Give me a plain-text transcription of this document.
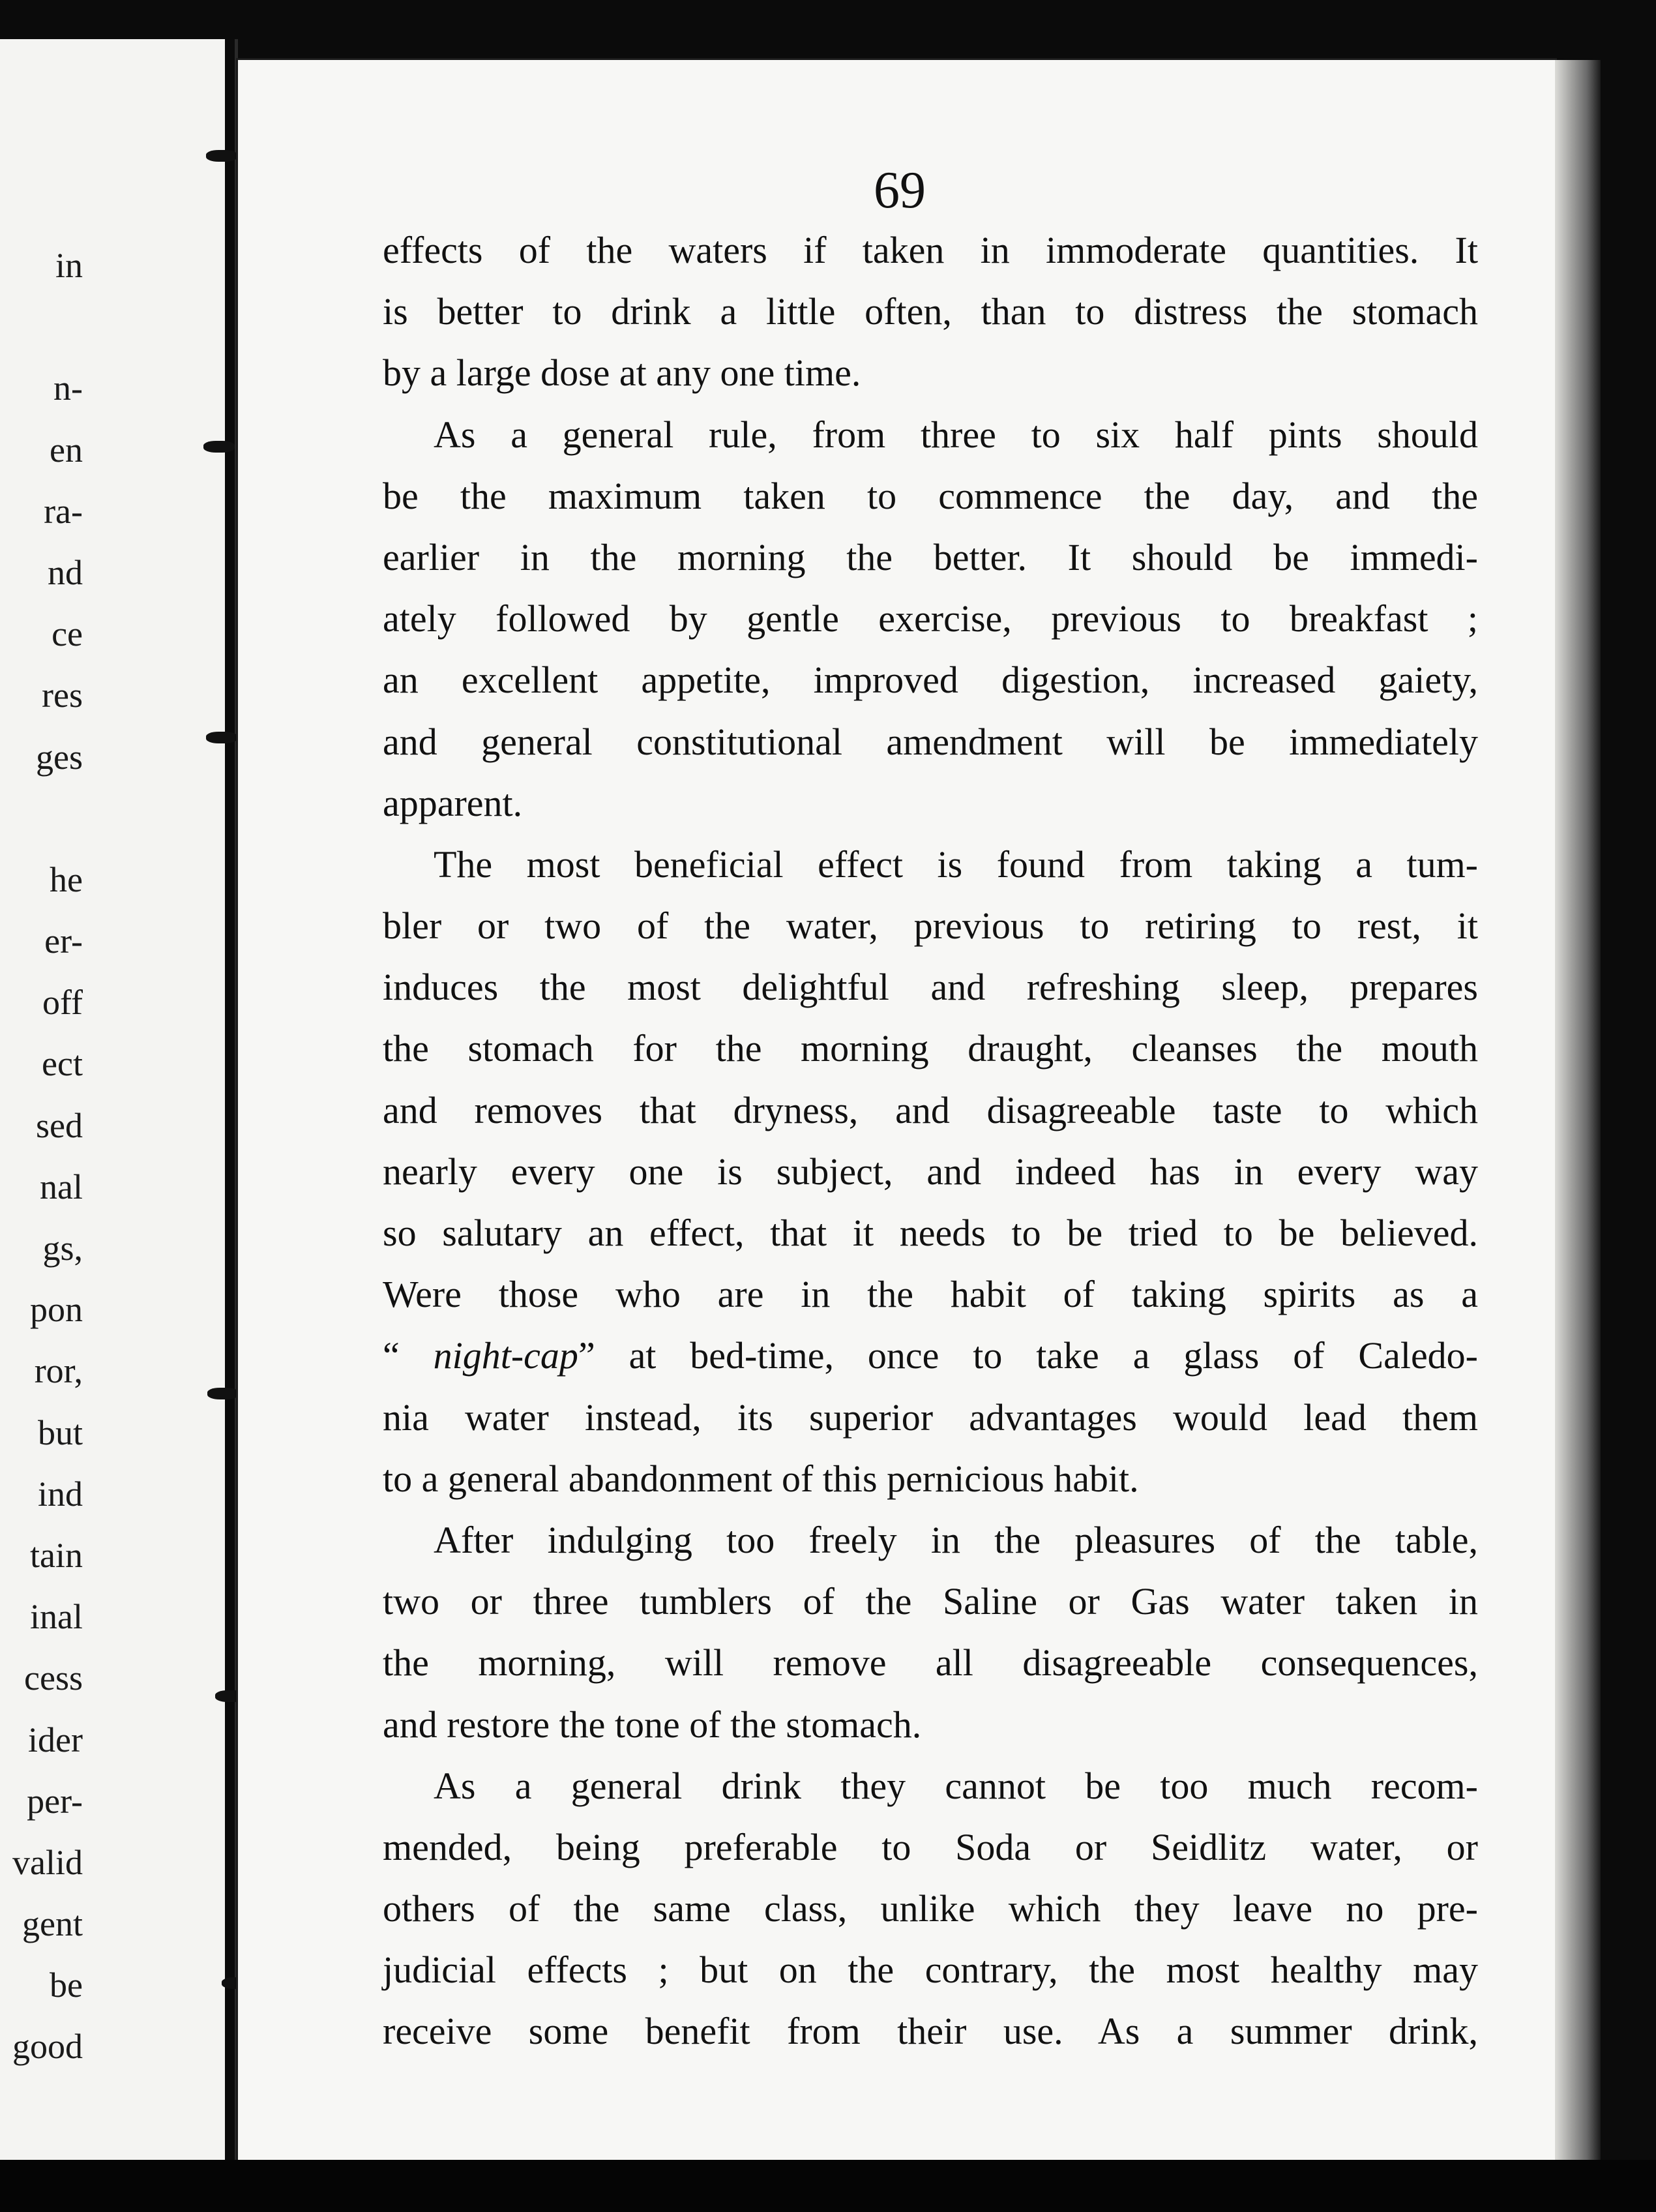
in
n-
en
ra-
nd
ce
res
ges
he
er-
off
ect
sed
nal
gs,
pon
ror,
but
ind
tain
inal
cess
ider
per-
valid
gent
be
good
69
effects of the waters if taken in immoderate quantities. It
is better to drink a little often, than to distress the stomach
by a large dose at any one time.
As a general rule, from three to six half pints should
be the maximum taken to commence the day, and the
earlier in the morning the better. It should be immedi-
ately followed by gentle exercise, previous to breakfast ;
an excellent appetite, improved digestion, increased gaiety,
and general constitutional amendment will be immediately
apparent.
The most beneficial effect is found from taking a tum-
bler or two of the water, previous to retiring to rest, it
induces the most delightful and refreshing sleep, prepares
the stomach for the morning draught, cleanses the mouth
and removes that dryness, and disagreeable taste to which
nearly every one is subject, and indeed has in every way
so salutary an effect, that it needs to be tried to be believed.
Were those who are in the habit of taking spirits as a
“ night-cap” at bed-time, once to take a glass of Caledo-
nia water instead, its superior advantages would lead them
to a general abandonment of this pernicious habit.
After indulging too freely in the pleasures of the table,
two or three tumblers of the Saline or Gas water taken in
the morning, will remove all disagreeable consequences,
and restore the tone of the stomach.
As a general drink they cannot be too much recom-
mended, being preferable to Soda or Seidlitz water, or
others of the same class, unlike which they leave no pre-
judicial effects ; but on the contrary, the most healthy may
receive some benefit from their use. As a summer drink,
